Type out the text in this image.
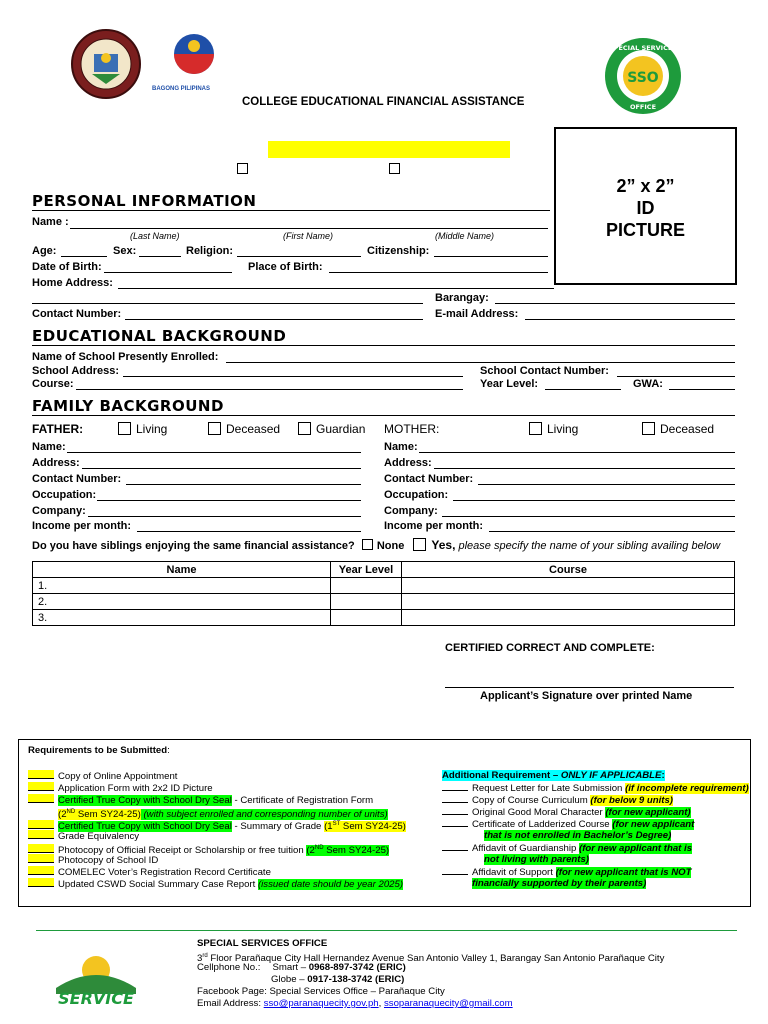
BAGONG PILIPINAS
SSO
SPECIAL SERVICES
OFFICE
COLLEGE EDUCATIONAL FINANCIAL ASSISTANCE
2” x 2”
ID
PICTURE
PERSONAL INFORMATION
Name :
(Last Name)	(First Name)	(Middle Name)
Age:	Sex:	Religion:	Citizenship:
Date of Birth:	Place of Birth:
Home Address:
Barangay:
Contact Number:	E-mail Address:
EDUCATIONAL BACKGROUND
Name of School Presently Enrolled:
School Address:	School Contact Number:
Course:	Year Level:	GWA:
FAMILY BACKGROUND
FATHER:	Living	Deceased	Guardian MOTHER:	Living	Deceased
Name:
Address:
Contact Number:
Occupation:
Company:
Income per month:
Name:
Address:
Contact Number:
Occupation:
Company:
Income per month:
Do you have siblings enjoying the same financial assistance? None Yes, please specify the name of your sibling availing below
Name	Year Level	Course
1.		
2.		
3.		
CERTIFIED CORRECT AND COMPLETE:
Applicant’s Signature over printed Name
Requirements to be Submitted:
Copy of Online Appointment
Application Form with 2x2 ID Picture
Certified True Copy with School Dry Seal - Certificate of Registration Form
(2ND Sem SY24-25) (with subject enrolled and corresponding number of units)
Certified True Copy with School Dry Seal - Summary of Grade (1ST Sem SY24-25)
Grade Equivalency
Photocopy of Official Receipt or Scholarship or free tuition (2ND Sem SY24-25)
Photocopy of School ID
COMELEC Voter’s Registration Record Certificate
Updated CSWD Social Summary Case Report (issued date should be year 2025)
Additional Requirement – ONLY IF APPLICABLE:
Request Letter for Late Submission (if incomplete requirement)
Copy of Course Curriculum (for below 9 units)
Original Good Moral Character (for new applicant)
Certificate of Ladderized Course (for new applicant
that is not enrolled in Bachelor’s Degree)
Affidavit of Guardianship (for new applicant that is
not living with parents)
Affidavit of Support (for new applicant that is NOT
financially supported by their parents)
SERVICE
SPECIAL SERVICES OFFICE
3rd Floor Parañaque City Hall Hernandez Avenue San Antonio Valley 1, Barangay San Antonio Parañaque City
Cellphone No.: Smart – 0968-897-3742 (ERIC)
Globe – 0917-138-3742 (ERIC)
Facebook Page: Special Services Office – Parañaque City
Email Address: sso@paranaquecity.gov.ph, ssoparanaquecity@gmail.com
